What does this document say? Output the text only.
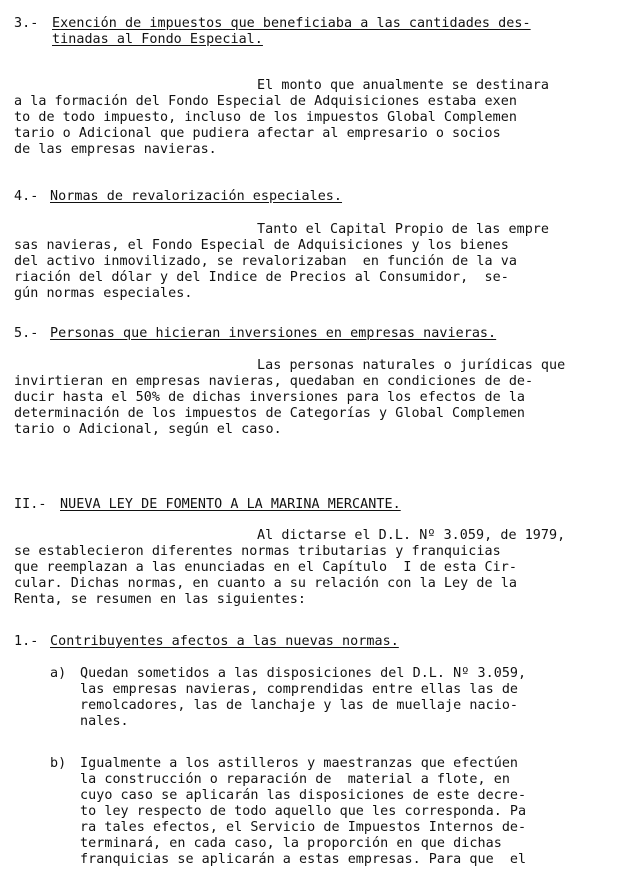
3.- Exención de impuestos que beneficiaba a las cantidades des-
tinadas al Fondo Especial.
El monto que anualmente se destinara
a la formación del Fondo Especial de Adquisiciones estaba exen
to de todo impuesto, incluso de los impuestos Global Complemen
tario o Adicional que pudiera afectar al empresario o socios
de las empresas navieras.
4.- Normas de revalorización especiales.
Tanto el Capital Propio de las empre
sas navieras, el Fondo Especial de Adquisiciones y los bienes
del activo inmovilizado, se revalorizaban  en función de la va
riación del dólar y del Indice de Precios al Consumidor,  se-
gún normas especiales.
5.- Personas que hicieran inversiones en empresas navieras.
Las personas naturales o jurídicas que
invirtieran en empresas navieras, quedaban en condiciones de de-
ducir hasta el 50% de dichas inversiones para los efectos de la
determinación de los impuestos de Categorías y Global Complemen
tario o Adicional, según el caso.
II.- NUEVA LEY DE FOMENTO A LA MARINA MERCANTE.
Al dictarse el D.L. Nº 3.059, de 1979,
se establecieron diferentes normas tributarias y franquicias
que reemplazan a las enunciadas en el Capítulo  I de esta Cir-
cular. Dichas normas, en cuanto a su relación con la Ley de la
Renta, se resumen en las siguientes:
1.- Contribuyentes afectos a las nuevas normas.
a) Quedan sometidos a las disposiciones del D.L. Nº 3.059,
las empresas navieras, comprendidas entre ellas las de
remolcadores, las de lanchaje y las de muellaje nacio-
nales.
b) Igualmente a los astilleros y maestranzas que efectúen
la construcción o reparación de  material a flote, en
cuyo caso se aplicarán las disposiciones de este decre-
to ley respecto de todo aquello que les corresponda. Pa
ra tales efectos, el Servicio de Impuestos Internos de-
terminará, en cada caso, la proporción en que dichas
franquicias se aplicarán a estas empresas. Para que  el
